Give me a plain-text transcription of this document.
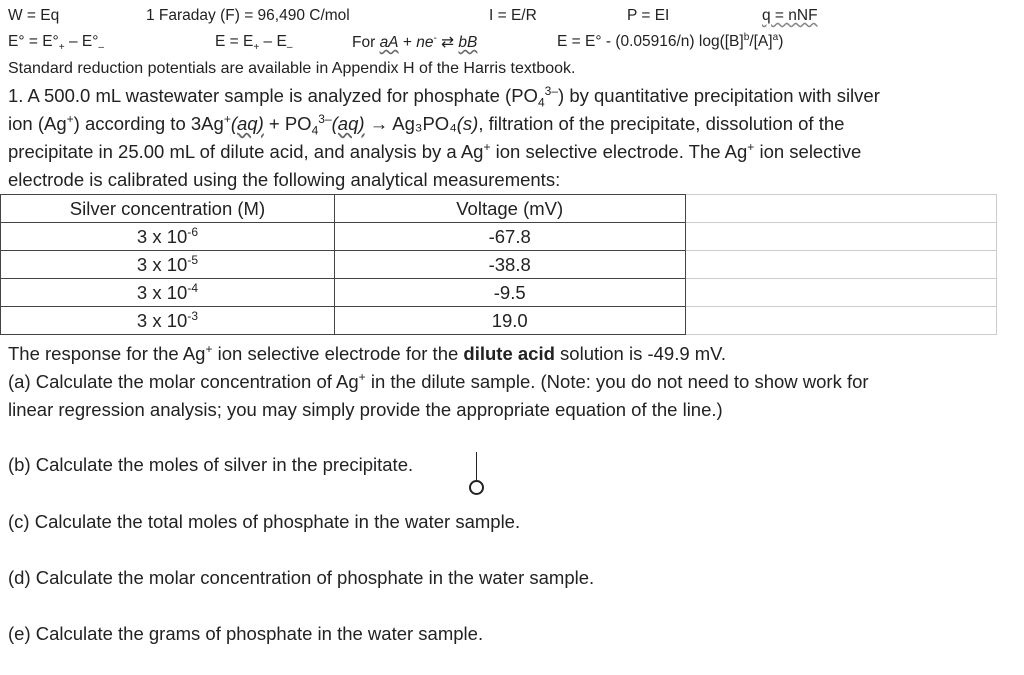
W = Eq	1 Faraday (F) = 96,490 C/mol	I = E/R	P = EI	q = nNF
$E^\circ = E^\circ_+ - E^\circ_-$	$E = E_+ - E_-$	For aA + ne- ⇄ bB	E = E° - (0.05916/n) $\log([B]^b/[A]^a)$
Standard reduction potentials are available in Appendix H of the Harris textbook.
1. A 500.0 mL wastewater sample is analyzed for phosphate $(PO_4^{3-})$ by quantitative precipitation with silver
ion (Ag+) according to $3Ag^+(aq) + PO_4^{3-}(aq) \to Ag_3PO_4(s)$, filtration of the precipitate, dissolution of the
precipitate in 25.00 mL of dilute acid, and analysis by a Ag+ ion selective electrode. The Ag+ ion selective
electrode is calibrated using the following analytical measurements:
Silver concentration (M)	Voltage (mV)	
3 x $10^{-6}$	-67.8	
3 x $10^{-5}$	-38.8	
3 x $10^{-4}$	-9.5	
3 x $10^{-3}$	19.0	
The response for the Ag+ ion selective electrode for the dilute acid solution is -49.9 mV.
(a) Calculate the molar concentration of Ag+ in the dilute sample. (Note: you do not need to show work for
linear regression analysis; you may simply provide the appropriate equation of the line.)
(b) Calculate the moles of silver in the precipitate.
(c) Calculate the total moles of phosphate in the water sample.
(d) Calculate the molar concentration of phosphate in the water sample.
(e) Calculate the grams of phosphate in the water sample.
